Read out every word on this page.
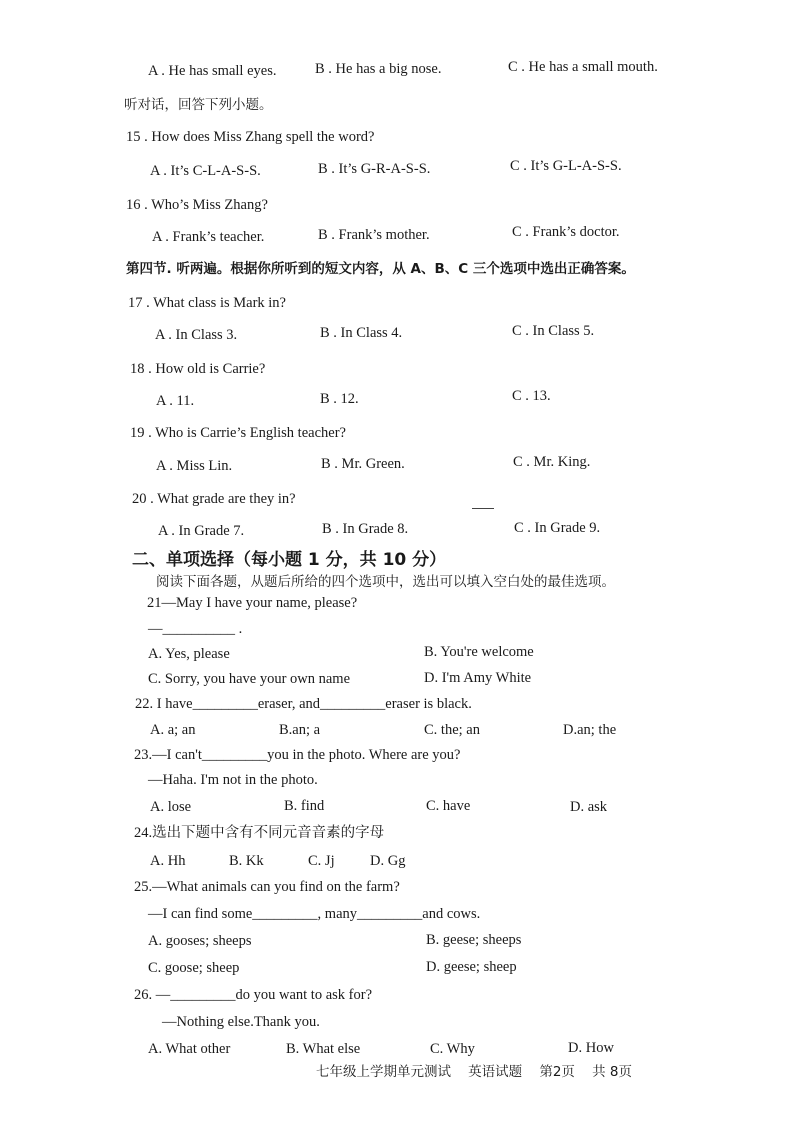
A . He has small eyes.	B . He has a big nose.	C . He has a small mouth.
听对话，回答下列小题。
15 . How does Miss Zhang spell the word?
A . It’s C-L-A-S-S.	B . It’s G-R-A-S-S.	C . It’s G-L-A-S-S.
16 . Who’s Miss Zhang?
A . Frank’s teacher.	B . Frank’s mother.	C . Frank’s doctor.
第四节. 听两遍。根据你所听到的短文内容，从 A、B、C 三个选项中选出正确答案。
17 . What class is Mark in?
A . In Class 3.	B . In Class 4.	C . In Class 5.
18 . How old is Carrie?
A . 11.	B . 12.	C . 13.
19 . Who is Carrie’s English teacher?
A . Miss Lin.	B . Mr. Green.	C . Mr. King.
20 . What grade are they in?
A . In Grade 7.	B . In Grade 8.	C . In Grade 9.
二、单项选择（每小题 1 分，共 10 分）
阅读下面各题，从题后所给的四个选项中，选出可以填入空白处的最佳选项。
21—May I have your name, please?
—__________ .
A. Yes, please	B. You're welcome
C. Sorry, you have your own name	D. I'm Amy White
22. I have_________eraser, and_________eraser is black.
A. a; an	B.an; a	C. the; an	D.an; the
23.—I can't_________you in the photo. Where are you?
—Haha. I'm not in the photo.
A. lose	B. find	C. have	D. ask
24.选出下题中含有不同元音音素的字母
A. Hh	B. Kk	C. Jj D. Gg
25.—What animals can you find on the farm?
—I can find some_________, many_________and cows.
A. gooses; sheeps	B. geese; sheeps
C. goose; sheep	D. geese; sheep
26. —_________do you want to ask for?
—Nothing else.Thank you.
A. What other	B. What else	C. Why	D. How
七年级上学期单元测试    英语试题    第2页    共 8页
